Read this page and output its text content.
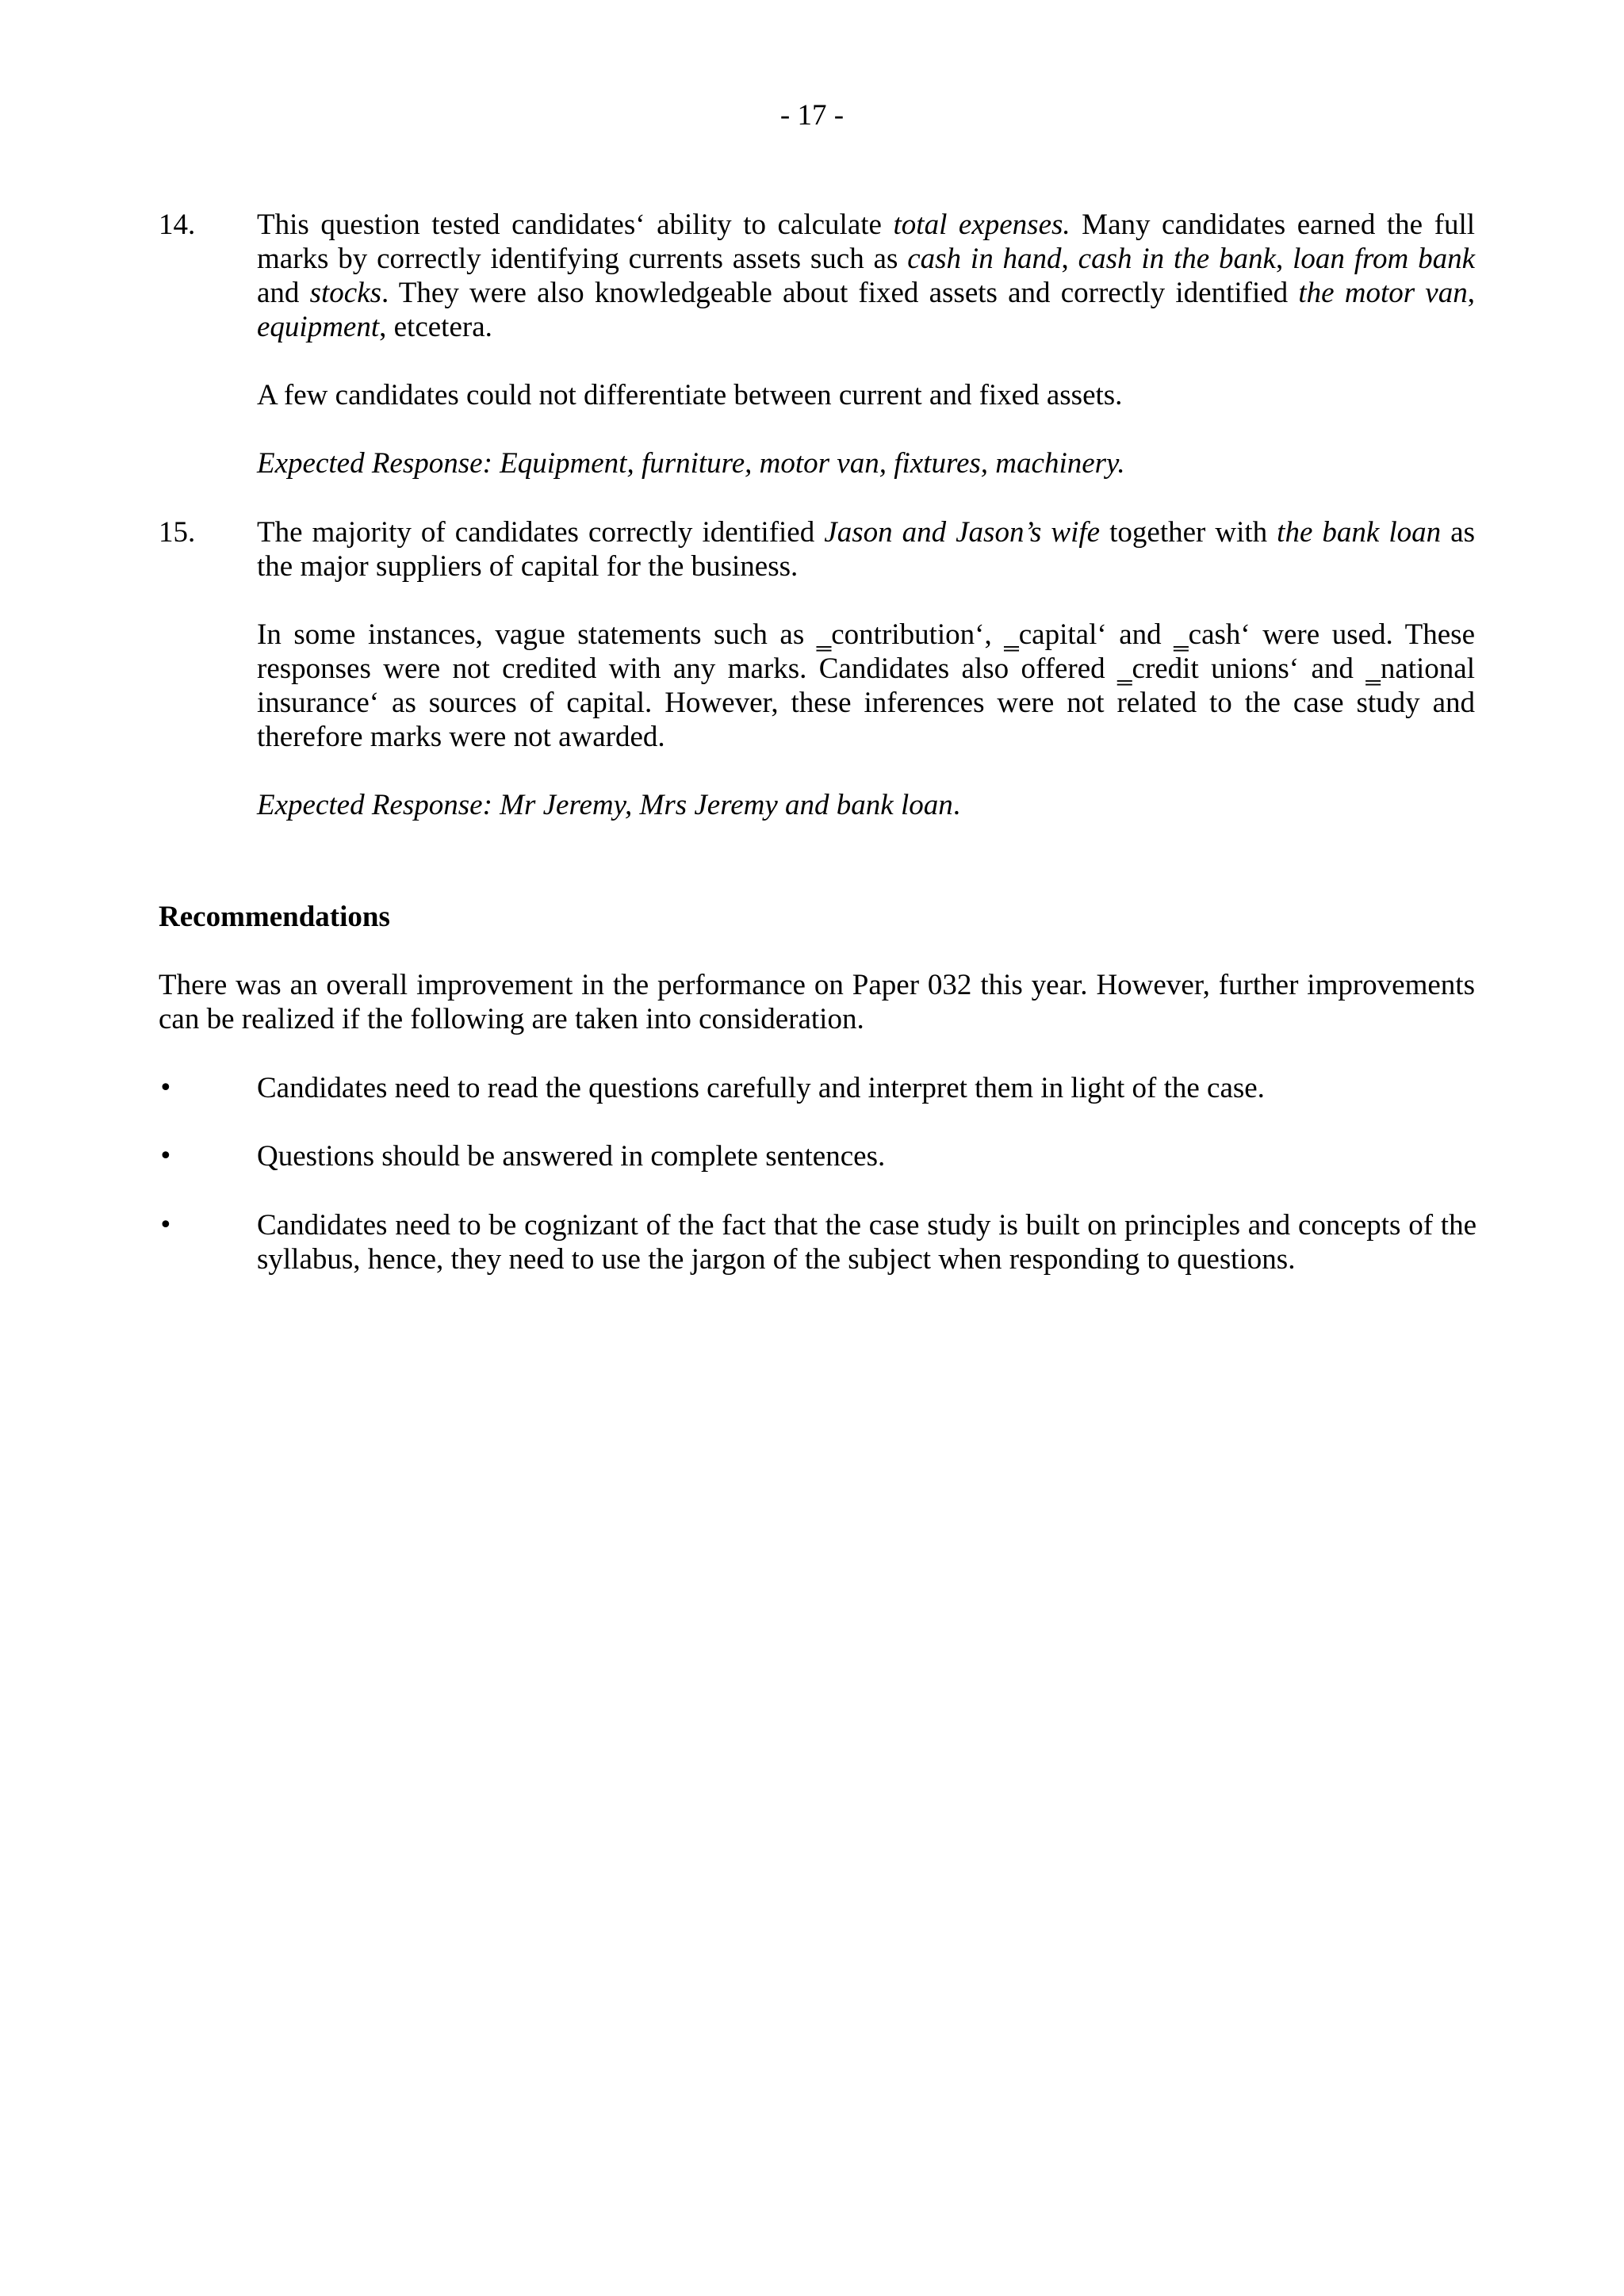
- 17 -
14. This question tested candidates‘ ability to calculate total expenses. Many candidates earned the full marks by correctly identifying currents assets such as cash in hand, cash in the bank, loan from bank and stocks. They were also knowledgeable about fixed assets and correctly identified the motor van, equipment, etcetera.

A few candidates could not differentiate between current and fixed assets.

Expected Response: Equipment, furniture, motor van, fixtures, machinery.

15. The majority of candidates correctly identified Jason and Jason’s wife together with the bank loan as the major suppliers of capital for the business.

In some instances, vague statements such as ‗contribution‘, ‗capital‘ and ‗cash‘ were used. These responses were not credited with any marks. Candidates also offered ‗credit unions‘ and ‗national insurance‘ as sources of capital. However, these inferences were not related to the case study and therefore marks were not awarded.

Expected Response: Mr Jeremy, Mrs Jeremy and bank loan.

Recommendations

There was an overall improvement in the performance on Paper 032 this year. However, further improvements can be realized if the following are taken into consideration.

•	Candidates need to read the questions carefully and interpret them in light of the case.
•	Questions should be answered in complete sentences.
•	Candidates need to be cognizant of the fact that the case study is built on principles and concepts of the syllabus, hence, they need to use the jargon of the subject when responding to questions.
